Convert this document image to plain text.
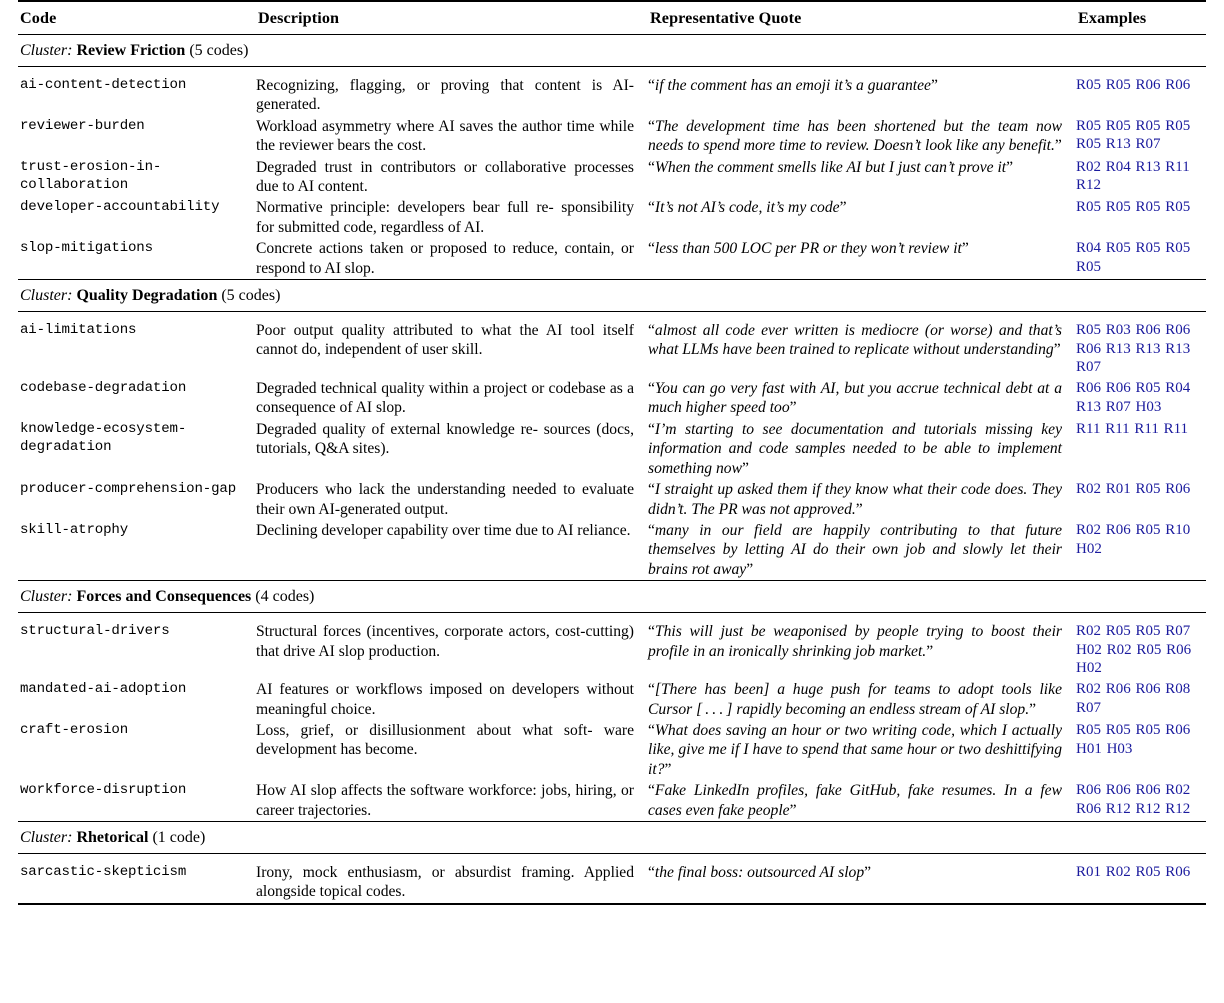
Code	Description	Representative Quote	Examples

Cluster: Review Friction (5 codes)			

ai-content-detection	Recognizing, flagging, or proving that content is AI-generated.	“if the comment has an emoji it’s a guarantee”	R05 R05 R06 R06
reviewer-burden	Workload asymmetry where AI saves the author time while the reviewer bears the cost.	“The development time has been shortened but the team now needs to spend more time to review. Doesn’t look like any benefit.”	R05 R05 R05 R05 R05 R13 R07
trust-erosion-in-collaboration	Degraded trust in contributors or collaborative processes due to AI content.	“When the comment smells like AI but I just can’t prove it”	R02 R04 R13 R11 R12
developer-accountability	Normative principle: developers bear full re- sponsibility for submitted code, regardless of AI.	“It’s not AI’s code, it’s my code”	R05 R05 R05 R05
slop-mitigations	Concrete actions taken or proposed to reduce, contain, or respond to AI slop.	“less than 500 LOC per PR or they won’t review it”	R04 R05 R05 R05 R05

Cluster: Quality Degradation (5 codes)			

ai-limitations	Poor output quality attributed to what the AI tool itself cannot do, independent of user skill.	“almost all code ever written is mediocre (or worse) and that’s what LLMs have been trained to replicate without understanding”	R05 R03 R06 R06 R06 R13 R13 R13 R07
codebase-degradation	Degraded technical quality within a project or codebase as a consequence of AI slop.	“You can go very fast with AI, but you accrue technical debt at a much higher speed too”	R06 R06 R05 R04 R13 R07 H03
knowledge-ecosystem-degradation	Degraded quality of external knowledge re- sources (docs, tutorials, Q&A sites).	“I’m starting to see documentation and tutorials missing key information and code samples needed to be able to implement something now”	R11 R11 R11 R11
producer-comprehension-gap	Producers who lack the understanding needed to evaluate their own AI-generated output.	“I straight up asked them if they know what their code does. They didn’t. The PR was not approved.”	R02 R01 R05 R06
skill-atrophy	Declining developer capability over time due to AI reliance.	“many in our field are happily contributing to that future themselves by letting AI do their own job and slowly let their brains rot away”	R02 R06 R05 R10 H02

Cluster: Forces and Consequences (4 codes)			

structural-drivers	Structural forces (incentives, corporate actors, cost-cutting) that drive AI slop production.	“This will just be weaponised by people trying to boost their profile in an ironically shrinking job market.”	R02 R05 R05 R07 H02 R02 R05 R06 H02
mandated-ai-adoption	AI features or workflows imposed on developers without meaningful choice.	“[There has been] a huge push for teams to adopt tools like Cursor [ . . . ] rapidly becoming an endless stream of AI slop.”	R02 R06 R06 R08 R07
craft-erosion	Loss, grief, or disillusionment about what soft- ware development has become.	“What does saving an hour or two writing code, which I actually like, give me if I have to spend that same hour or two deshittifying it?”	R05 R05 R05 R06 H01 H03
workforce-disruption	How AI slop affects the software workforce: jobs, hiring, or career trajectories.	“Fake LinkedIn profiles, fake GitHub, fake resumes. In a few cases even fake people”	R06 R06 R06 R02 R06 R12 R12 R12

Cluster: Rhetorical (1 code)			

sarcastic-skepticism	Irony, mock enthusiasm, or absurdist framing. Applied alongside topical codes.	“the final boss: outsourced AI slop”	R01 R02 R05 R06
